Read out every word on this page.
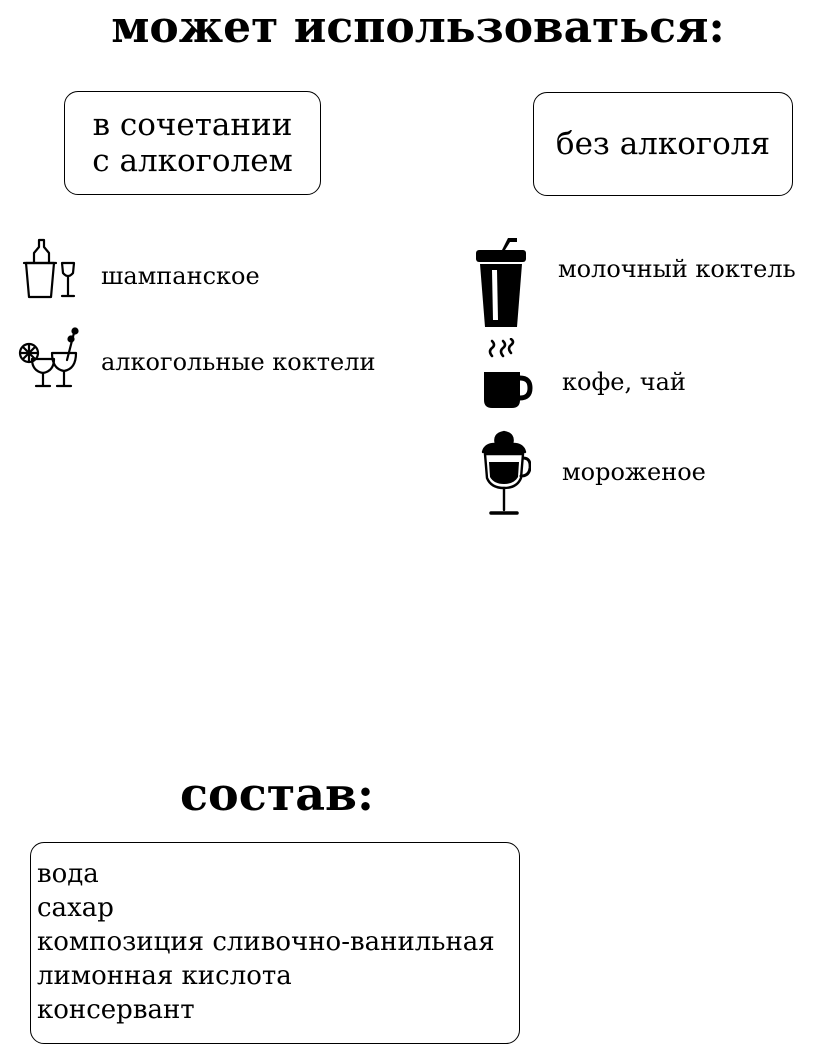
может использоваться:
в сочетании
с алкоголем	без алкоголя
шампанское
алкогольные коктели
молочный коктель
кофе, чай
мороженое
состав:
вода
сахар
композиция сливочно-ванильная
лимонная кислота
консервант
